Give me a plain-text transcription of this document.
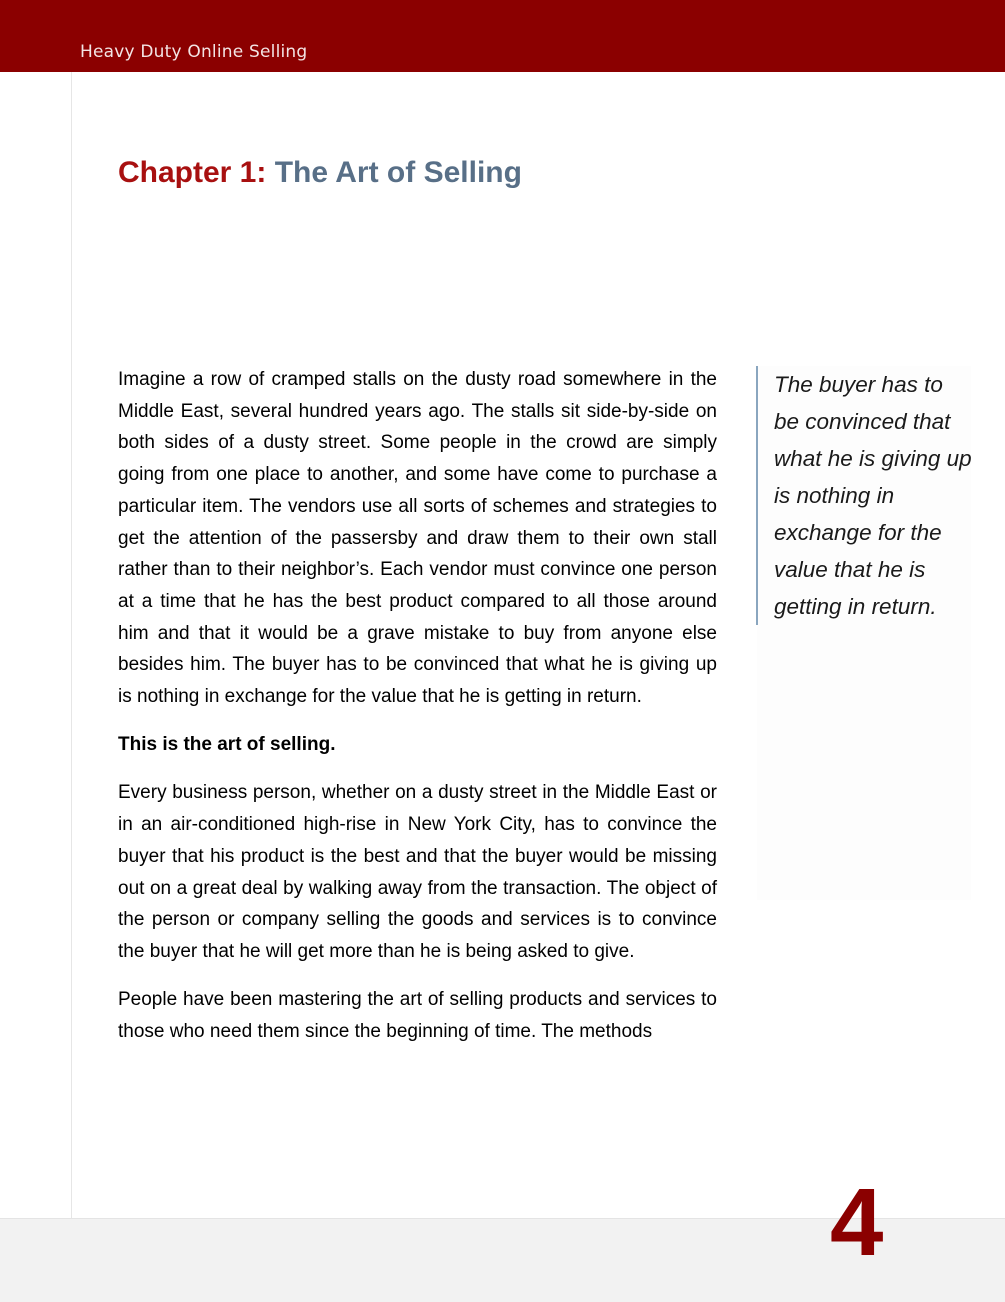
Heavy Duty Online Selling
Chapter 1: The Art of Selling

Imagine a row of cramped stalls on the dusty road somewhere in the Middle East, several hundred years ago. The stalls sit side-by-side on both sides of a dusty street. Some people in the crowd are simply going from one place to another, and some have come to purchase a particular item. The vendors use all sorts of schemes and strategies to get the attention of the passersby and draw them to their own stall rather than to their neighbor’s. Each vendor must convince one person at a time that he has the best product compared to all those around him and that it would be a grave mistake to buy from anyone else besides him. The buyer has to be convinced that what he is giving up is nothing in exchange for the value that he is getting in return.

This is the art of selling.

Every business person, whether on a dusty street in the Middle East or in an air-conditioned high-rise in New York City, has to convince the buyer that his product is the best and that the buyer would be missing out on a great deal by walking away from the transaction. The object of the person or company selling the goods and services is to convince the buyer that he will get more than he is being asked to give.

People have been mastering the art of selling products and services to those who need them since the beginning of time. The methods

The buyer has to be convinced that what he is giving up is nothing in exchange for the value that he is getting in return.

4
